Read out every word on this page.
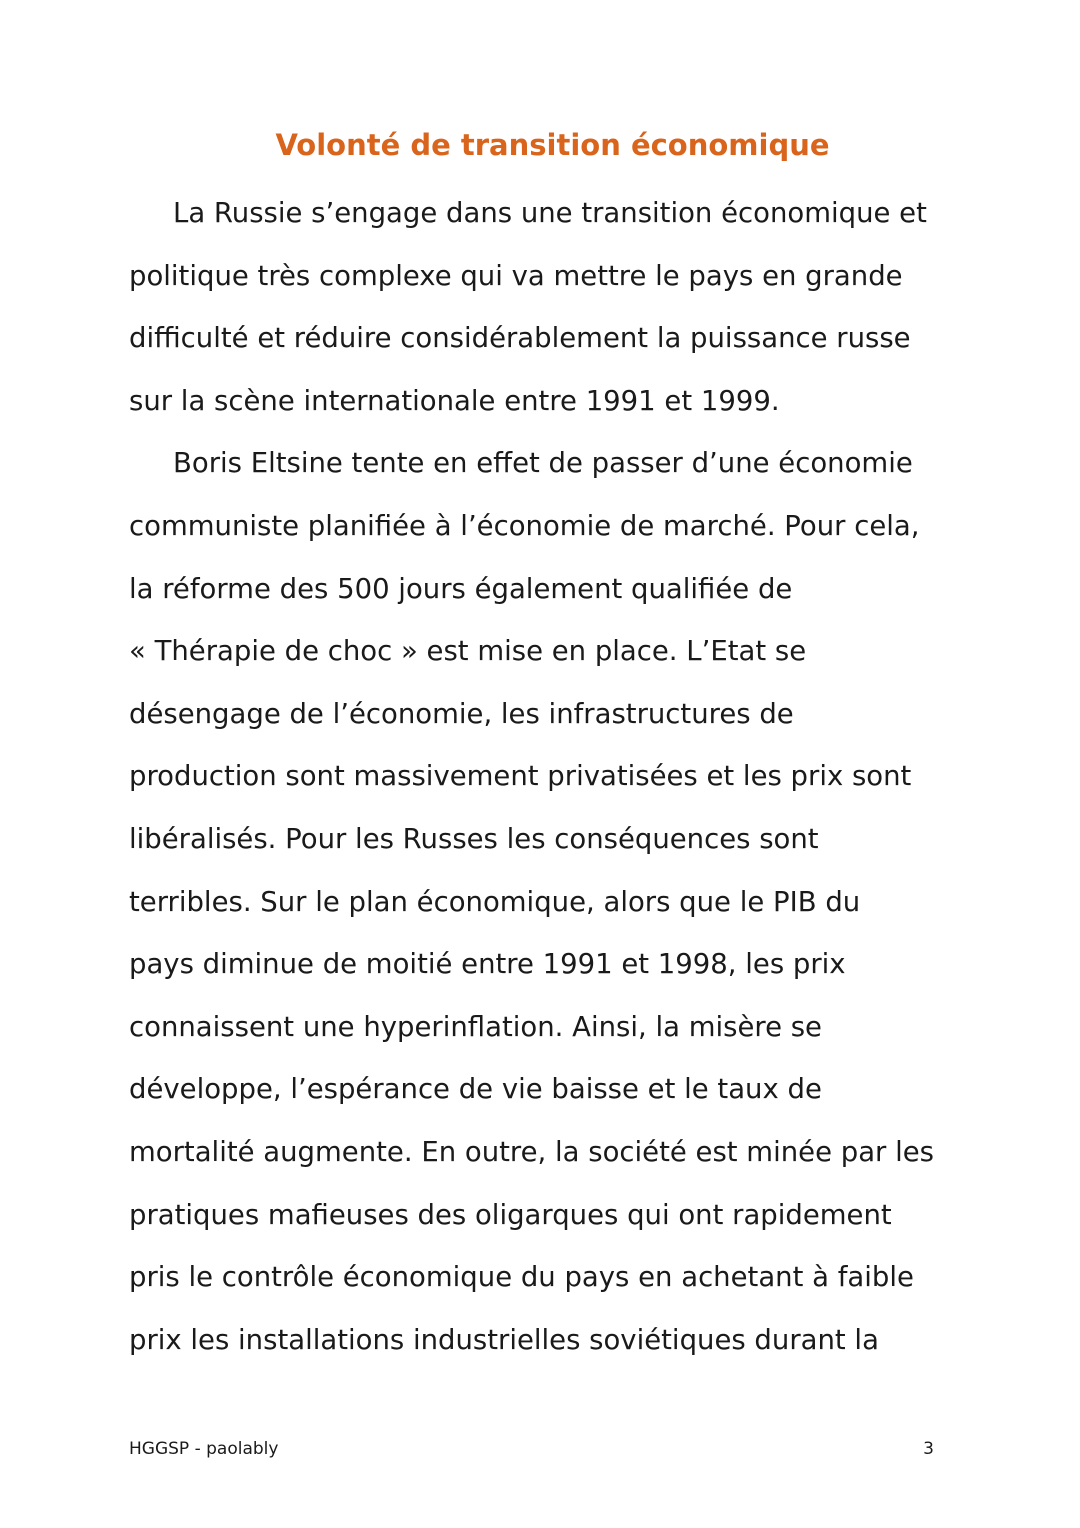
Volonté de transition économique
La Russie s’engage dans une transition économique et
politique très complexe qui va mettre le pays en grande
difficulté et réduire considérablement la puissance russe
sur la scène internationale entre 1991 et 1999.
Boris Eltsine tente en effet de passer d’une économie
communiste planifiée à l’économie de marché. Pour cela,
la réforme des 500 jours également qualifiée de
« Thérapie de choc » est mise en place. L’Etat se
désengage de l’économie, les infrastructures de
production sont massivement privatisées et les prix sont
libéralisés. Pour les Russes les conséquences sont
terribles. Sur le plan économique, alors que le PIB du
pays diminue de moitié entre 1991 et 1998, les prix
connaissent une hyperinflation. Ainsi, la misère se
développe, l’espérance de vie baisse et le taux de
mortalité augmente. En outre, la société est minée par les
pratiques mafieuses des oligarques qui ont rapidement
pris le contrôle économique du pays en achetant à faible
prix les installations industrielles soviétiques durant la
HGGSP - paolably	3
